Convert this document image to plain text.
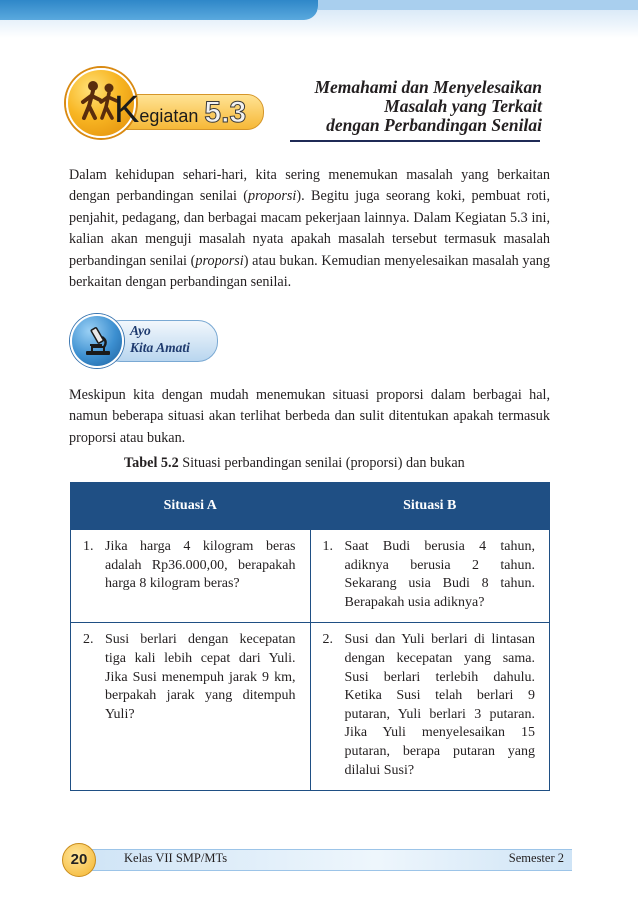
K egiatan 5.3
Memahami dan Menyelesaikan
Masalah yang Terkait
dengan Perbandingan Senilai
Dalam kehidupan sehari-hari, kita sering menemukan masalah yang berkaitan dengan perbandingan senilai (proporsi). Begitu juga seorang koki, pembuat roti, penjahit, pedagang, dan berbagai macam pekerjaan lainnya. Dalam Kegiatan 5.3 ini, kalian akan menguji masalah nyata apakah masalah tersebut termasuk masalah perbandingan senilai (proporsi) atau bukan. Kemudian menyelesaikan masalah yang berkaitan dengan perbandingan senilai.
Ayo
Kita Amati
Meskipun kita dengan mudah menemukan situasi proporsi dalam berbagai hal, namun beberapa situasi akan terlihat berbeda dan sulit ditentukan apakah termasuk proporsi atau bukan.
Tabel 5.2 Situasi perbandingan senilai (proporsi) dan bukan
Situasi A	Situasi B

1. Jika harga 4 kilogram beras adalah Rp36.000,00, berapakah harga 8 kilogram beras?	1. Saat Budi berusia 4 tahun, adiknya berusia 2 tahun. Sekarang usia Budi 8 tahun. Berapakah usia adiknya?

2. Susi berlari dengan kecepatan tiga kali lebih cepat dari Yuli. Jika Susi menempuh jarak 9 km, berpakah jarak yang ditempuh Yuli?	2. Susi dan Yuli berlari di lintasan dengan kecepatan yang sama. Susi berlari terlebih dahulu. Ketika Susi telah berlari 9 putaran, Yuli berlari 3 putaran. Jika Yuli menyelesaikan 15 putaran, berapa putaran yang dilalui Susi?
20	Kelas VII SMP/MTs	Semester 2
